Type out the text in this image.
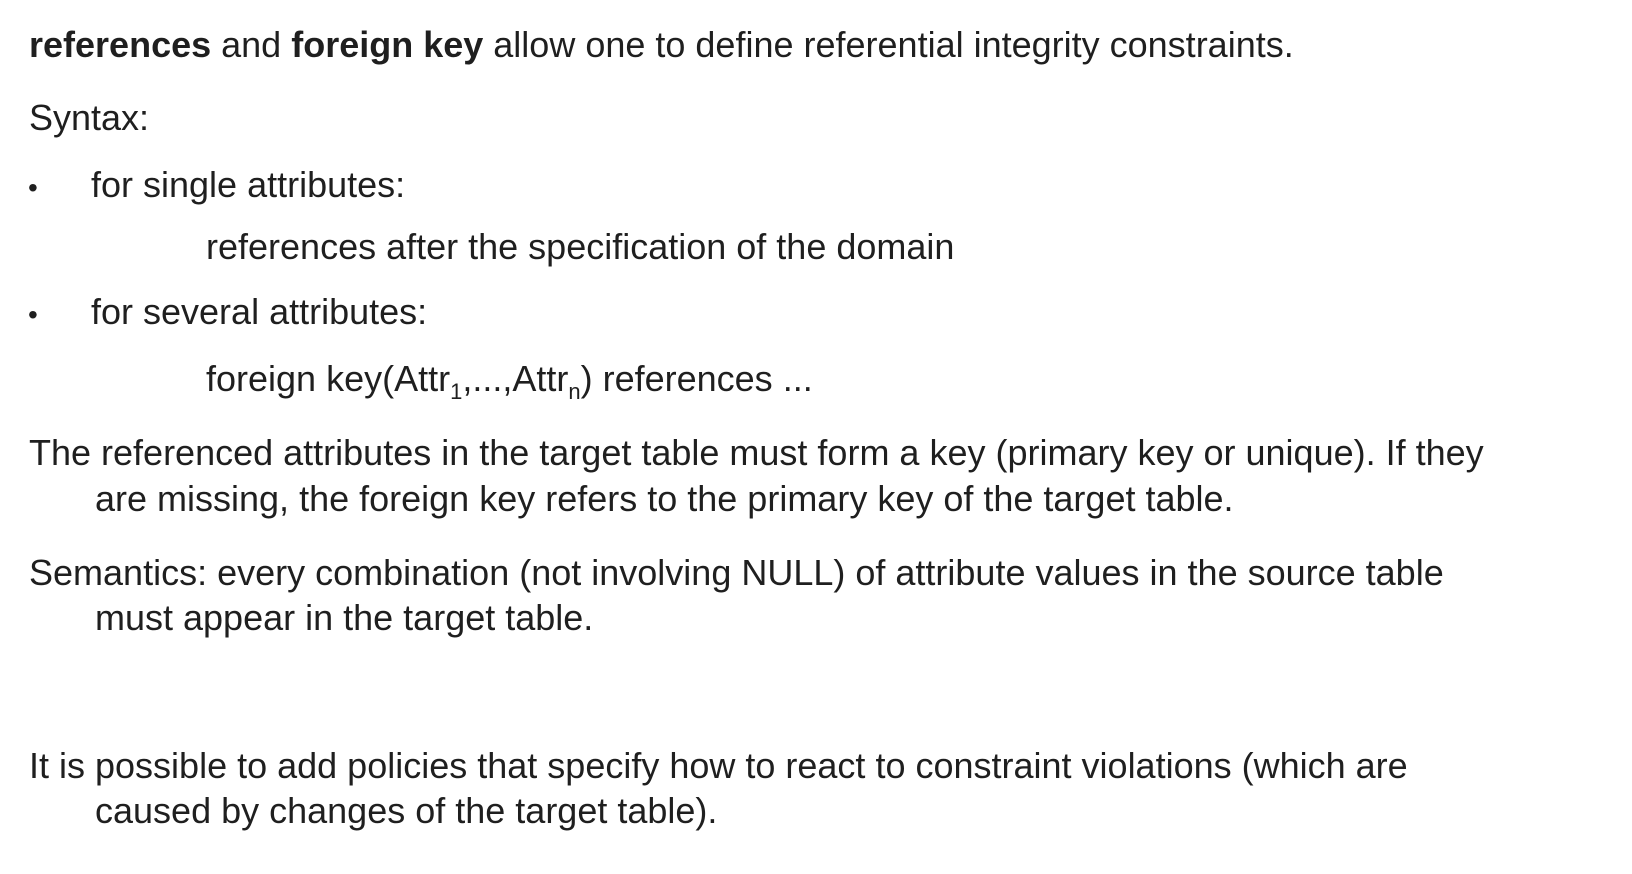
references and foreign key allow one to define referential integrity constraints.
Syntax:
• for single attributes:
references after the specification of the domain
• for several attributes:
foreign key(Attr$_1$,...,Attr$_n$) references ...
The referenced attributes in the target table must form a key (primary key or unique). If they
are missing, the foreign key refers to the primary key of the target table.
Semantics: every combination (not involving NULL) of attribute values in the source table
must appear in the target table.
It is possible to add policies that specify how to react to constraint violations (which are
caused by changes of the target table).
